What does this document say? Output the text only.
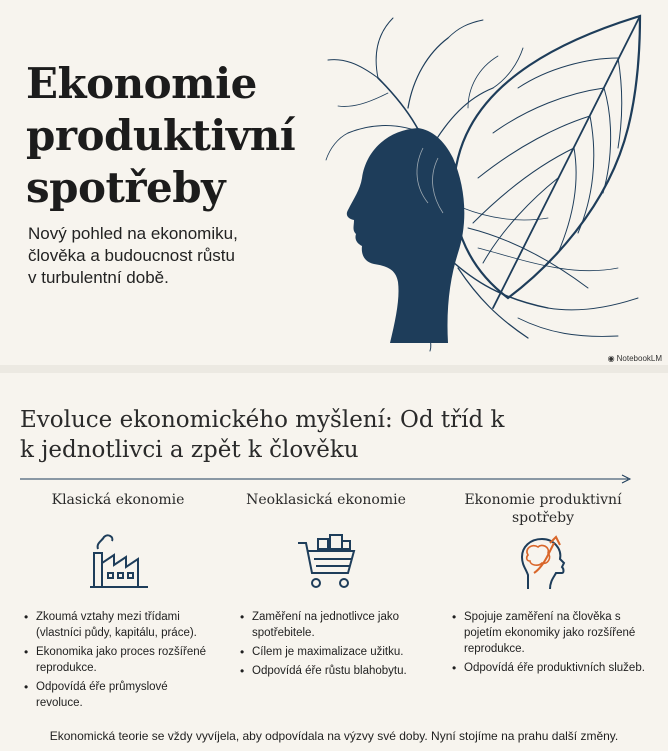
Ekonomie
produktivní
spotřeby
Nový pohled na ekonomiku,
člověka a budoucnost růstu
v turbulentní době.
◉ NotebookLM
Evoluce ekonomického myšlení: Od tříd k
k jednotlivci a zpět k člověku
Klasická ekonomie
• Zkoumá vztahy mezi třídami (vlastníci půdy, kapitálu, práce).
• Ekonomika jako proces rozšířené reprodukce.
• Odpovídá éře průmyslové revoluce.
Neoklasická ekonomie
• Zaměření na jednotlivce jako spotřebitele.
• Cílem je maximalizace užitku.
• Odpovídá éře růstu blahobytu.
Ekonomie produktivní
spotřeby
• Spojuje zaměření na člověka s pojetím ekonomiky jako rozšířené reprodukce.
• Odpovídá éře produktivních služeb.
Ekonomická teorie se vždy vyvíjela, aby odpovídala na výzvy své doby. Nyní stojíme na prahu další změny.
